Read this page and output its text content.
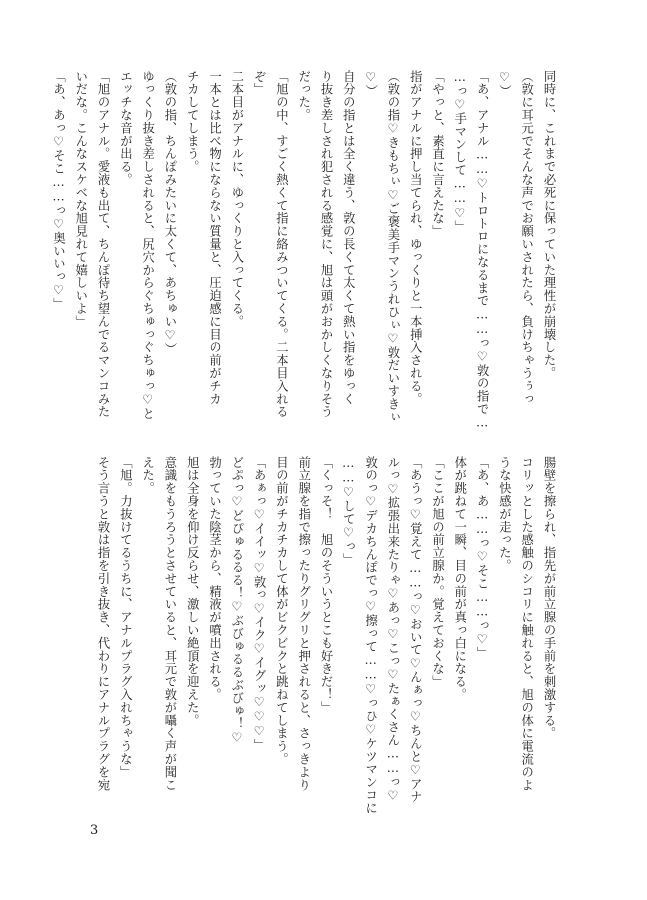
同時に、これまで必死に保っていた理性が崩壊した。

（敦に耳元でそんな声でお願いされたら、負けちゃうぅっ

♡）

「あ、アナル……♡トロトロになるまで……っ♡敦の指で…

…っ♡手マンして……♡」

「やっと、素直に言えたな」

指がアナルに押し当てられ、ゆっくりと一本挿入される。

（敦の指♡きもちぃ♡ご褒美手マンうれひぃ♡敦だいすきぃ

♡）

自分の指とは全く違う、敦の長くて太くて熱い指をゆっく

り抜き差しされ犯される感覚に、旭は頭がおかしくなりそう

だった。

「旭の中、すごく熱くて指に絡みついてくる。二本目入れる

ぞ」

二本目がアナルに、ゆっくりと入ってくる。

一本とは比べ物にならない質量と、圧迫感に目の前がチカ

チカしてしまう。

（敦の指、ちんぽみたいに太くて、あちゅい♡）

ゆっくり抜き差しされると、尻穴からぐちゅっぐちゅっ♡と

エッチな音が出る。

「旭のアナル。愛液も出て、ちんぽ待ち望んでるマンコみた

いだな。こんなスケベな旭見れて嬉しいよ」

「あ、あっ♡そこ……っ♡奥いいっ♡」

腸壁を擦られ、指先が前立腺の手前を刺激する。

コリッとした感触のシコリに触れると、旭の体に電流のよ

うな快感が走った。

「あ、あ……っ♡そこ……っ♡」

体が跳ねて一瞬、目の前が真っ白になる。

「ここが旭の前立腺か。覚えておくな」

「あうっ♡覚えて……っ♡おいて♡んぁっ♡ちんと♡アナ

ルっ♡拡張出来たりゃ♡あっ♡こっ♡たぁくさん……っ♡

敦のっ♡デカちんぽでっ♡擦って……♡っひ♡ケツマンコに

……♡して♡っ」

「くっそ！　旭のそういうとこも好きだ！」

前立腺を指で擦ったりグリグリと押されると、さっきより

目の前がチカチカして体がビクビクと跳ねてしまう。

「あぁっ♡イイッ♡敦っ♡イク♡イグッ♡♡♡」

どぷっ♡どぴゅるるる！♡ぶびゅるるぶびゅ！♡

勃っていた陰茎から、精液が噴出される。

旭は全身を仰け反らせ、激しい絶頂を迎えた。

意識をもうろうとさせていると、耳元で敦が囁く声が聞こ

えた。

「旭。力抜けてるうちに、アナルプラグ入れちゃうな」

そう言うと敦は指を引き抜き、代わりにアナルプラグを宛

3
